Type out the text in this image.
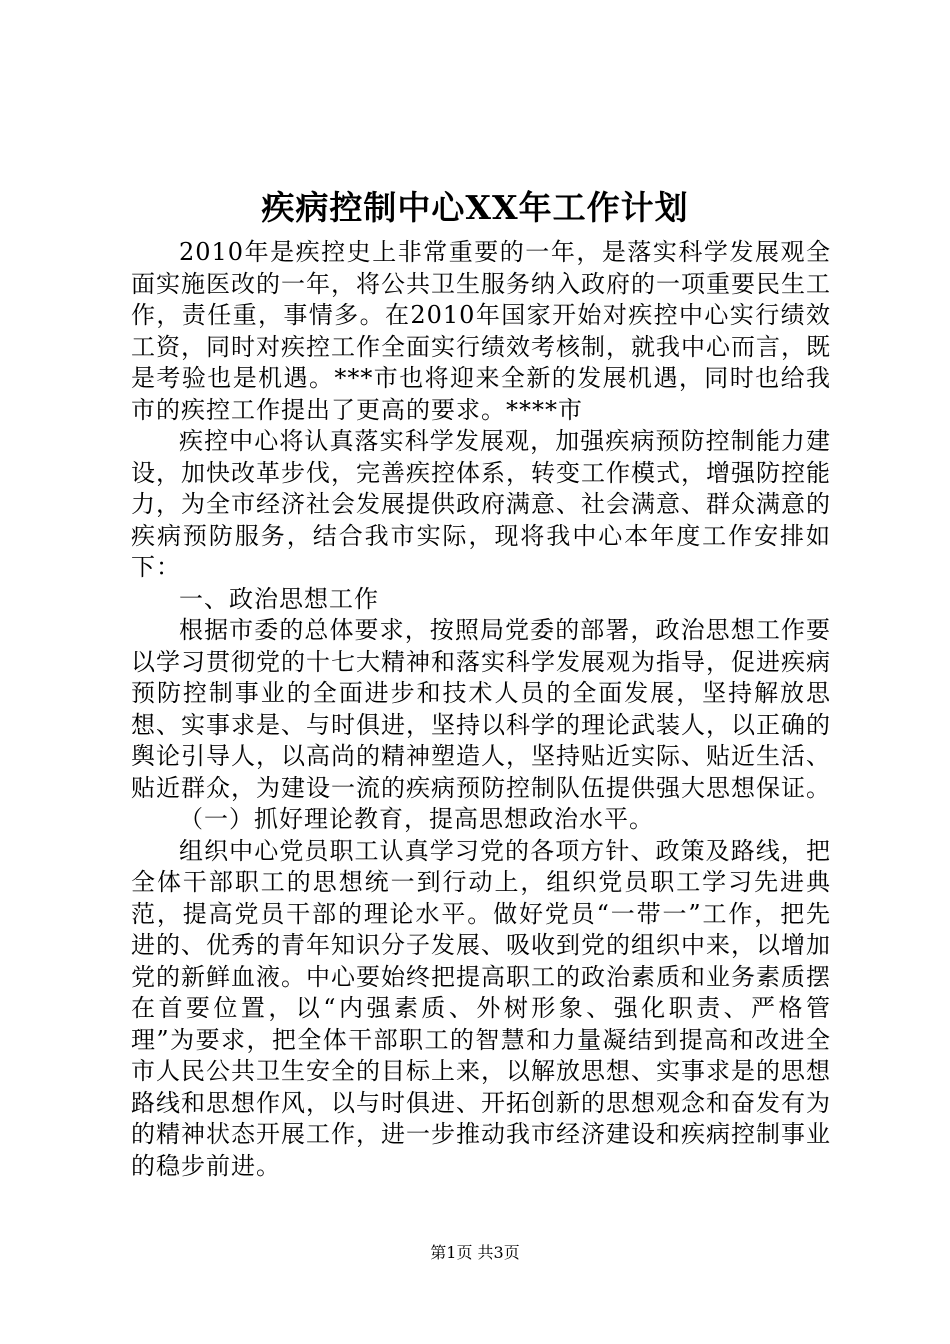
疾病控制中心XX年工作计划

2010年是疾控史上非常重要的一年，是落实科学发展观全面实施医改的一年，将公共卫生服务纳入政府的一项重要民生工作，责任重，事情多。在2010年国家开始对疾控中心实行绩效工资，同时对疾控工作全面实行绩效考核制，就我中心而言，既是考验也是机遇。***市也将迎来全新的发展机遇，同时也给我市的疾控工作提出了更高的要求。****市

疾控中心将认真落实科学发展观，加强疾病预防控制能力建设，加快改革步伐，完善疾控体系，转变工作模式，增强防控能力，为全市经济社会发展提供政府满意、社会满意、群众满意的疾病预防服务，结合我市实际，现将我中心本年度工作安排如下：

一、政治思想工作

根据市委的总体要求，按照局党委的部署，政治思想工作要以学习贯彻党的十七大精神和落实科学发展观为指导，促进疾病预防控制事业的全面进步和技术人员的全面发展，坚持解放思想、实事求是、与时俱进，坚持以科学的理论武装人，以正确的舆论引导人，以高尚的精神塑造人，坚持贴近实际、贴近生活、贴近群众，为建设一流的疾病预防控制队伍提供强大思想保证。

（一）抓好理论教育，提高思想政治水平。

组织中心党员职工认真学习党的各项方针、政策及路线，把全体干部职工的思想统一到行动上，组织党员职工学习先进典范，提高党员干部的理论水平。做好党员“一带一”工作，把先进的、优秀的青年知识分子发展、吸收到党的组织中来，以增加党的新鲜血液。中心要始终把提高职工的政治素质和业务素质摆在首要位置，以“内强素质、外树形象、强化职责、严格管理”为要求，把全体干部职工的智慧和力量凝结到提高和改进全市人民公共卫生安全的目标上来，以解放思想、实事求是的思想路线和思想作风，以与时俱进、开拓创新的思想观念和奋发有为的精神状态开展工作，进一步推动我市经济建设和疾病控制事业的稳步前进。

第1页 共3页
